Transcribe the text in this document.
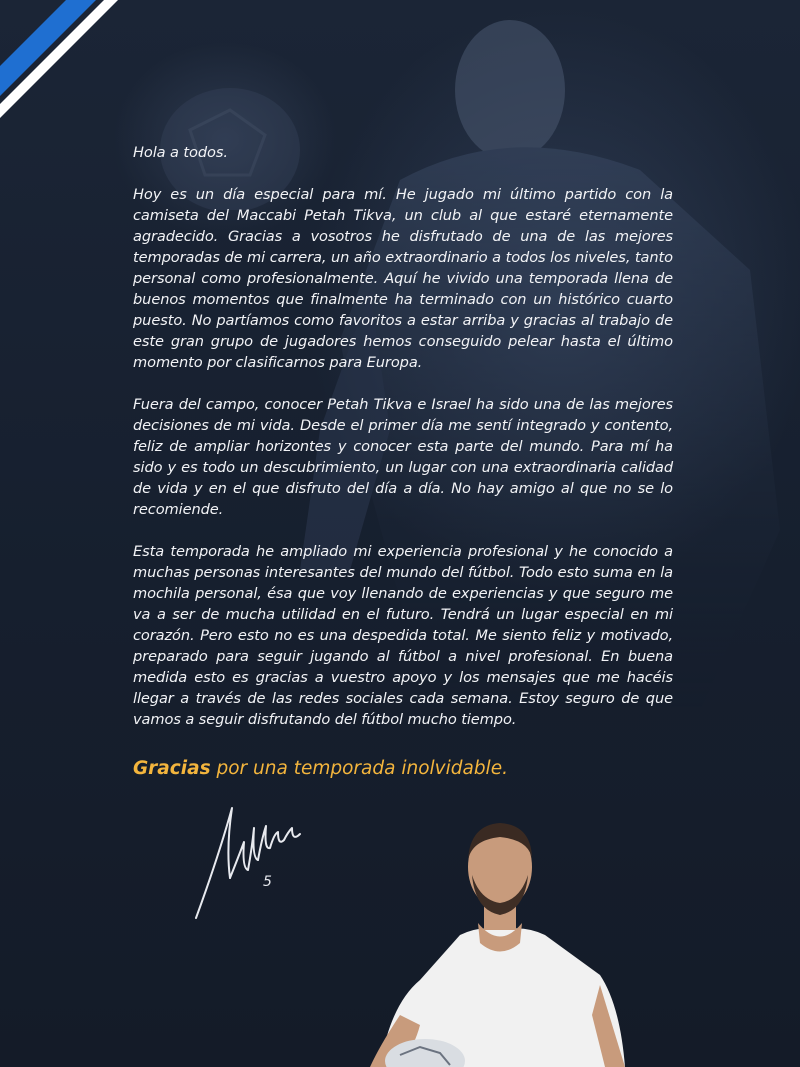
Hola a todos.

Hoy es un día especial para mí. He jugado mi último partido con la camiseta del Maccabi Petah Tikva, un club al que estaré eternamente agradecido. Gracias a vosotros he disfrutado de una de las mejores temporadas de mi carrera, un año extraordinario a todos los niveles, tanto personal como profesionalmente. Aquí he vivido una temporada llena de buenos momentos que finalmente ha terminado con un histórico cuarto puesto. No partíamos como favoritos a estar arriba y gracias al trabajo de este gran grupo de jugadores hemos conseguido pelear hasta el último momento por clasificarnos para Europa.

Fuera del campo, conocer Petah Tikva e Israel ha sido una de las mejores decisiones de mi vida. Desde el primer día me sentí integrado y contento, feliz de ampliar horizontes y conocer esta parte del mundo. Para mí ha sido y es todo un descubrimiento, un lugar con una extraordinaria calidad de vida y en el que disfruto del día a día. No hay amigo al que no se lo recomiende.

Esta temporada he ampliado mi experiencia profesional y he conocido a muchas personas interesantes del mundo del fútbol. Todo esto suma en la mochila personal, ésa que voy llenando de experiencias y que seguro me va a ser de mucha utilidad en el futuro. Tendrá un lugar especial en mi corazón. Pero esto no es una despedida total. Me siento feliz y motivado, preparado para seguir jugando al fútbol a nivel profesional. En buena medida esto es gracias a vuestro apoyo y los mensajes que me hacéis llegar a través de las redes sociales cada semana. Estoy seguro de que vamos a seguir disfrutando del fútbol mucho tiempo.

Gracias por una temporada inolvidable.
5
